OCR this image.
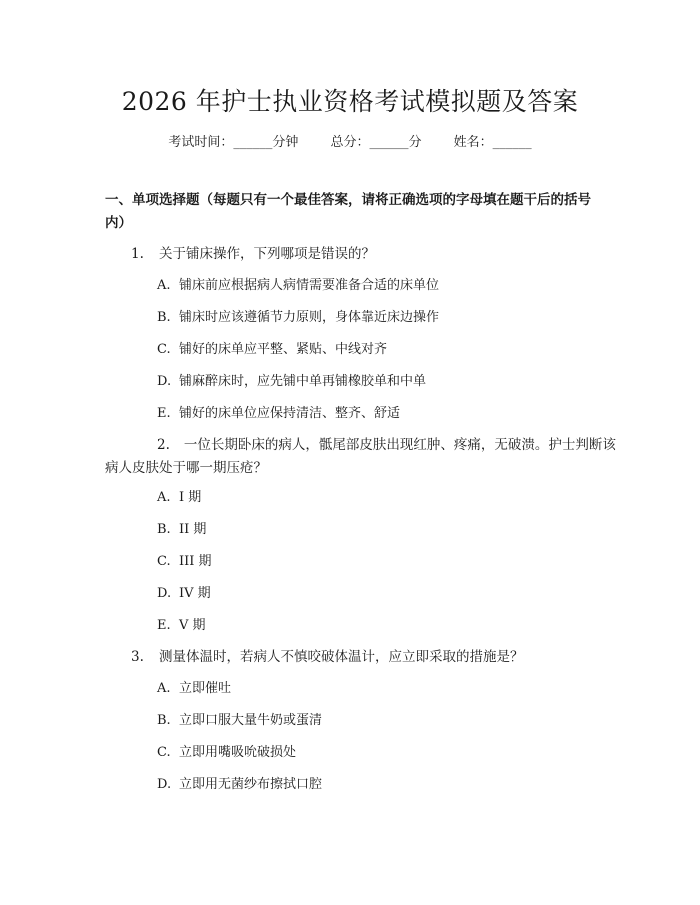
2026 年护士执业资格考试模拟题及答案
考试时间：______分钟 总分：______分 姓名：______
一、单项选择题（每题只有一个最佳答案，请将正确选项的字母填在题干后的括号内）
1. 关于铺床操作，下列哪项是错误的？
A. 铺床前应根据病人病情需要准备合适的床单位
B. 铺床时应该遵循节力原则，身体靠近床边操作
C. 铺好的床单应平整、紧贴、中线对齐
D. 铺麻醉床时，应先铺中单再铺橡胶单和中单
E. 铺好的床单位应保持清洁、整齐、舒适
2. 一位长期卧床的病人，骶尾部皮肤出现红肿、疼痛，无破溃。护士判断该病人皮肤处于哪一期压疮？
A. I 期
B. II 期
C. III 期
D. IV 期
E. V 期
3. 测量体温时，若病人不慎咬破体温计，应立即采取的措施是？
A. 立即催吐
B. 立即口服大量牛奶或蛋清
C. 立即用嘴吸吮破损处
D. 立即用无菌纱布擦拭口腔
